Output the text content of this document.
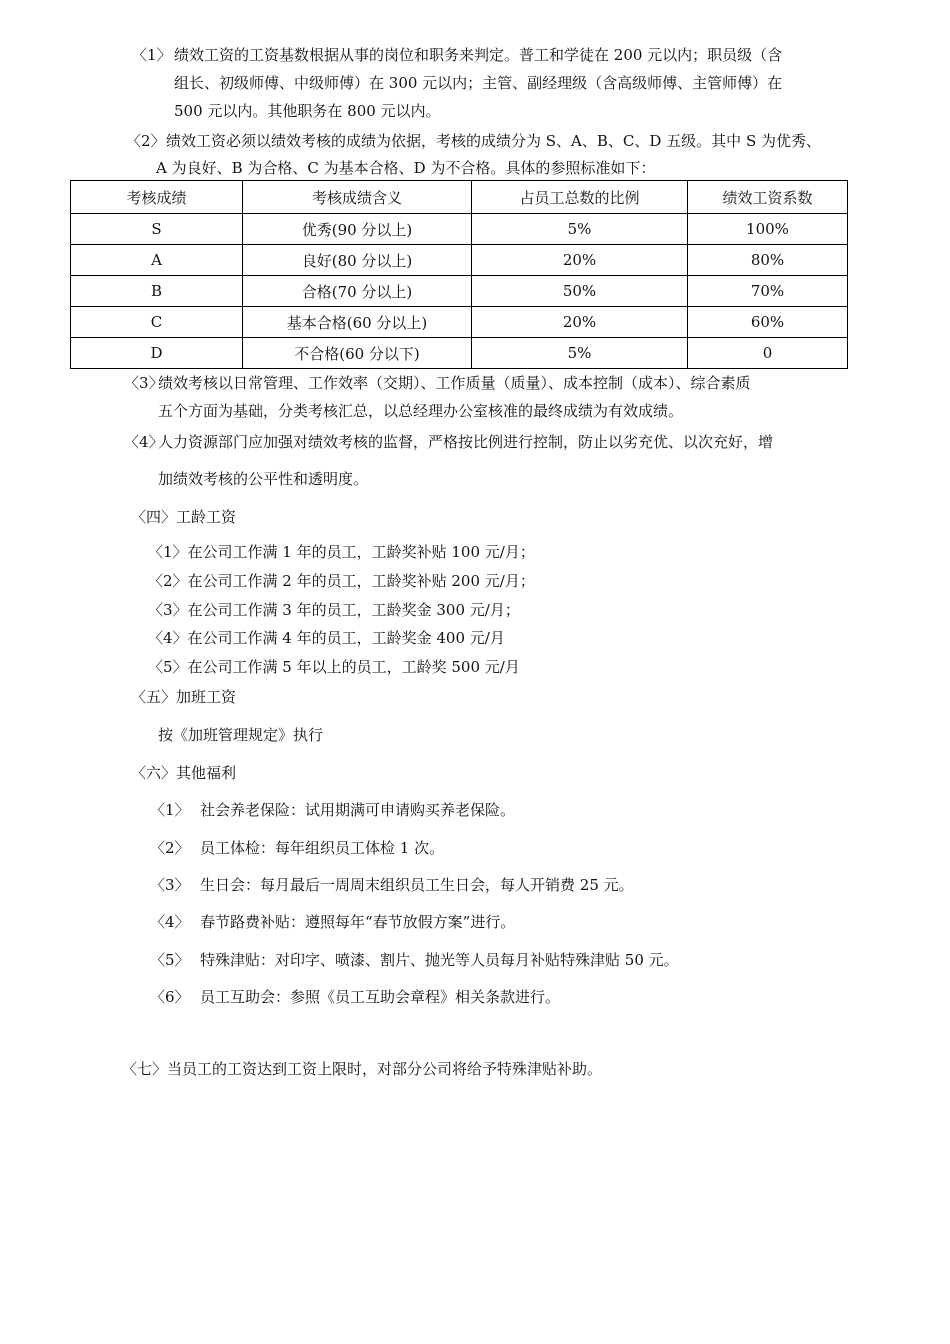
〈1〉 绩效工资的工资基数根据从事的岗位和职务来判定。普工和学徒在 200 元以内；职员级（含
组长、初级师傅、中级师傅）在 300 元以内；主管、副经理级（含高级师傅、主管师傅）在
500 元以内。其他职务在 800 元以内。
〈2〉 绩效工资必须以绩效考核的成绩为依据，考核的成绩分为 S、A、B、C、D 五级。其中 S 为优秀、
A 为良好、B 为合格、C 为基本合格、D 为不合格。具体的参照标准如下：
考核成绩	考核成绩含义	占员工总数的比例	绩效工资系数
S	优秀(90 分以上)	5%	100%
A	良好(80 分以上)	20%	80%
B	合格(70 分以上)	50%	70%
C	基本合格(60 分以上)	20%	60%
D	不合格(60 分以下)	5%	0
〈3〉
绩效考核以日常管理、工作效率（交期）、工作质量（质量）、成本控制（成本）、综合素质
五个方面为基础，分类考核汇总，以总经理办公室核准的最终成绩为有效成绩。
〈4〉
人力资源部门应加强对绩效考核的监督，严格按比例进行控制，防止以劣充优、以次充好，增
加绩效考核的公平性和透明度。
〈四〉工龄工资
〈1〉在公司工作满 1 年的员工，工龄奖补贴 100 元/月；
〈2〉在公司工作满 2 年的员工，工龄奖补贴 200 元/月；
〈3〉在公司工作满 3 年的员工，工龄奖金 300 元/月；
〈4〉在公司工作满 4 年的员工，工龄奖金 400 元/月
〈5〉在公司工作满 5 年以上的员工，工龄奖 500 元/月
〈五〉加班工资
按《加班管理规定》执行
〈六〉其他福利
〈1〉 社会养老保险：试用期满可申请购买养老保险。
〈2〉 员工体检：每年组织员工体检 1 次。
〈3〉 生日会：每月最后一周周末组织员工生日会，每人开销费 25 元。
〈4〉 春节路费补贴：遵照每年“春节放假方案”进行。
〈5〉 特殊津贴：对印字、喷漆、割片、抛光等人员每月补贴特殊津贴 50 元。
〈6〉 员工互助会：参照《员工互助会章程》相关条款进行。
〈七〉当员工的工资达到工资上限时，对部分公司将给予特殊津贴补助。
